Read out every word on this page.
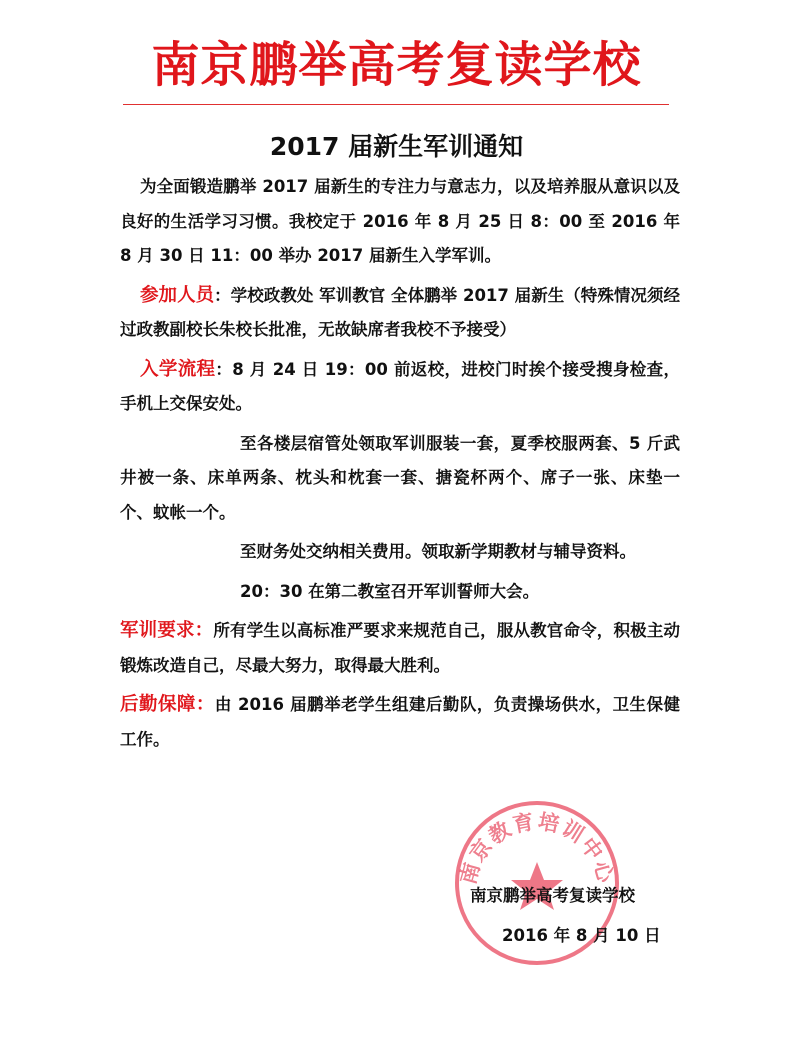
南京鹏举高考复读学校
2017 届新生军训通知

为全面锻造鹏举 2017 届新生的专注力与意志力，以及培养服从意识以及良好的生活学习习惯。我校定于 2016 年 8 月 25 日 8：00 至 2016 年 8 月 30 日 11：00 举办 2017 届新生入学军训。

参加人员：学校政教处 军训教官 全体鹏举 2017 届新生（特殊情况须经过政教副校长朱校长批准，无故缺席者我校不予接受）

入学流程：8 月 24 日 19：00 前返校，进校门时挨个接受搜身检查，手机上交保安处。

至各楼层宿管处领取军训服装一套，夏季校服两套、5 斤武井被一条、床单两条、枕头和枕套一套、搪瓷杯两个、席子一张、床垫一个、蚊帐一个。

至财务处交纳相关费用。领取新学期教材与辅导资料。

20：30 在第二教室召开军训誓师大会。

军训要求：所有学生以高标准严要求来规范自己，服从教官命令，积极主动锻炼改造自己，尽最大努力，取得最大胜利。

后勤保障：由 2016 届鹏举老学生组建后勤队，负责操场供水，卫生保健工作。

南京教育培训中心
南京鹏举高考复读学校
2016 年 8 月 10 日
